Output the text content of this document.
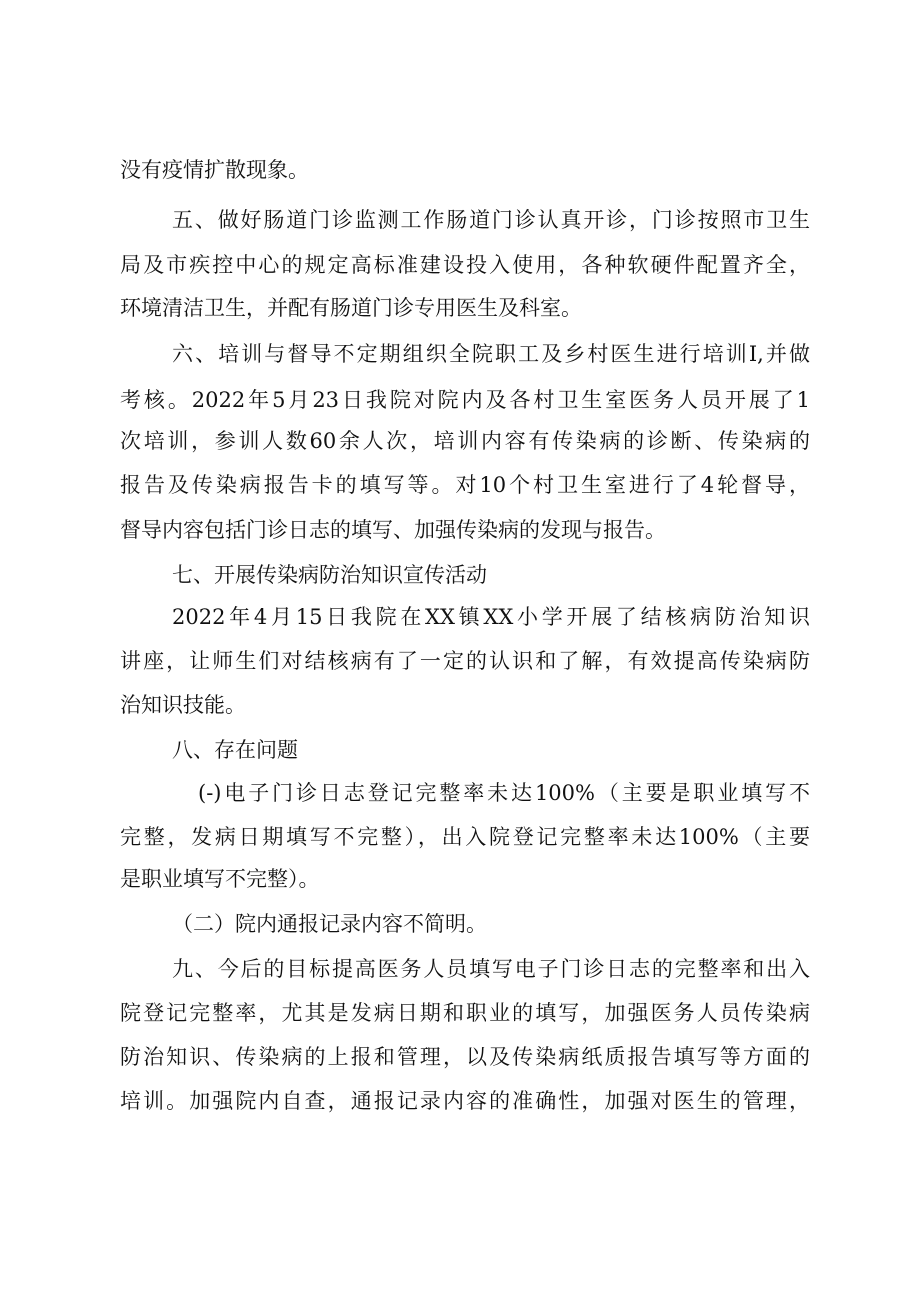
没有疫情扩散现象。
五、做好肠道门诊监测工作肠道门诊认真开诊，门诊按照市卫生
局及市疾控中心的规定高标准建设投入使用，各种软硬件配置齐全，
环境清洁卫生，并配有肠道门诊专用医生及科室。
六、培训与督导不定期组织全院职工及乡村医生进行培训I,并做
考核。2022年5月23日我院对院内及各村卫生室医务人员开展了1
次培训，参训人数60余人次，培训内容有传染病的诊断、传染病的
报告及传染病报告卡的填写等。对10个村卫生室进行了4轮督导，
督导内容包括门诊日志的填写、加强传染病的发现与报告。
七、开展传染病防治知识宣传活动
2022年4月15日我院在XX镇XX小学开展了结核病防治知识
讲座，让师生们对结核病有了一定的认识和了解，有效提高传染病防
治知识技能。
八、存在问题
(-)电子门诊日志登记完整率未达100%（主要是职业填写不
完整，发病日期填写不完整），出入院登记完整率未达100%（主要
是职业填写不完整）。
（二）院内通报记录内容不简明。
九、今后的目标提高医务人员填写电子门诊日志的完整率和出入
院登记完整率，尤其是发病日期和职业的填写，加强医务人员传染病
防治知识、传染病的上报和管理，以及传染病纸质报告填写等方面的
培训。加强院内自查，通报记录内容的准确性，加强对医生的管理，
